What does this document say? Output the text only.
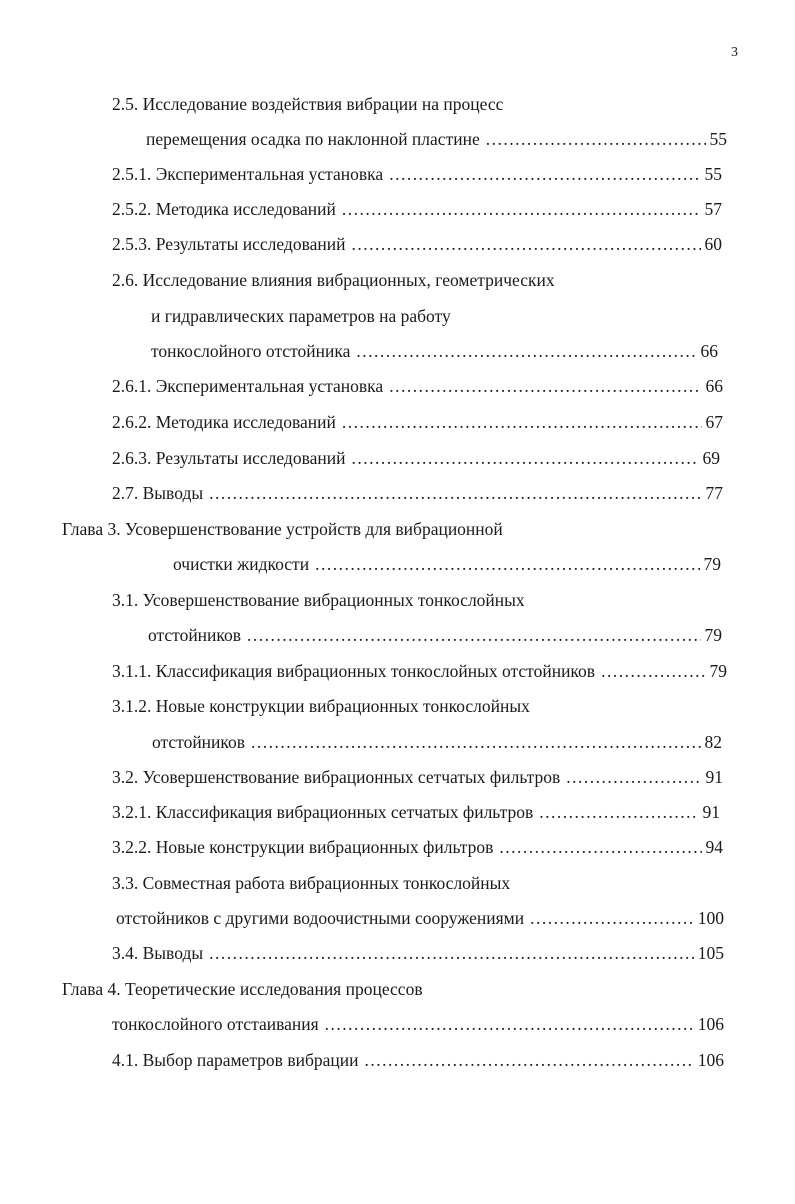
3
2.5. Исследование воздействия вибрации на процесс
перемещения осадка по наклонной пластине .....	55
2.5.1. Экспериментальная установка .....	55
2.5.2. Методика исследований .....	57
2.5.3. Результаты исследований .....	60
2.6. Исследование влияния вибрационных, геометрических
и гидравлических параметров на работу
тонкослойного отстойника .....	66
2.6.1. Экспериментальная установка .....	66
2.6.2. Методика исследований .....	67
2.6.3. Результаты исследований .....	69
2.7. Выводы .....	77
Глава 3. Усовершенствование устройств для вибрационной
очистки жидкости .....	79
3.1. Усовершенствование вибрационных тонкослойных
отстойников .....	79
3.1.1. Классификация вибрационных тонкослойных отстойников .....	79
3.1.2. Новые конструкции вибрационных тонкослойных
отстойников .....	82
3.2. Усовершенствование вибрационных сетчатых фильтров .....	91
3.2.1. Классификация вибрационных сетчатых фильтров .....	91
3.2.2. Новые конструкции вибрационных фильтров .....	94
3.3. Совместная работа вибрационных тонкослойных
отстойников с другими водоочистными сооружениями .....	100
3.4. Выводы .....	105
Глава 4. Теоретические исследования процессов
тонкослойного отстаивания .....	106
4.1. Выбор параметров вибрации .....	106
